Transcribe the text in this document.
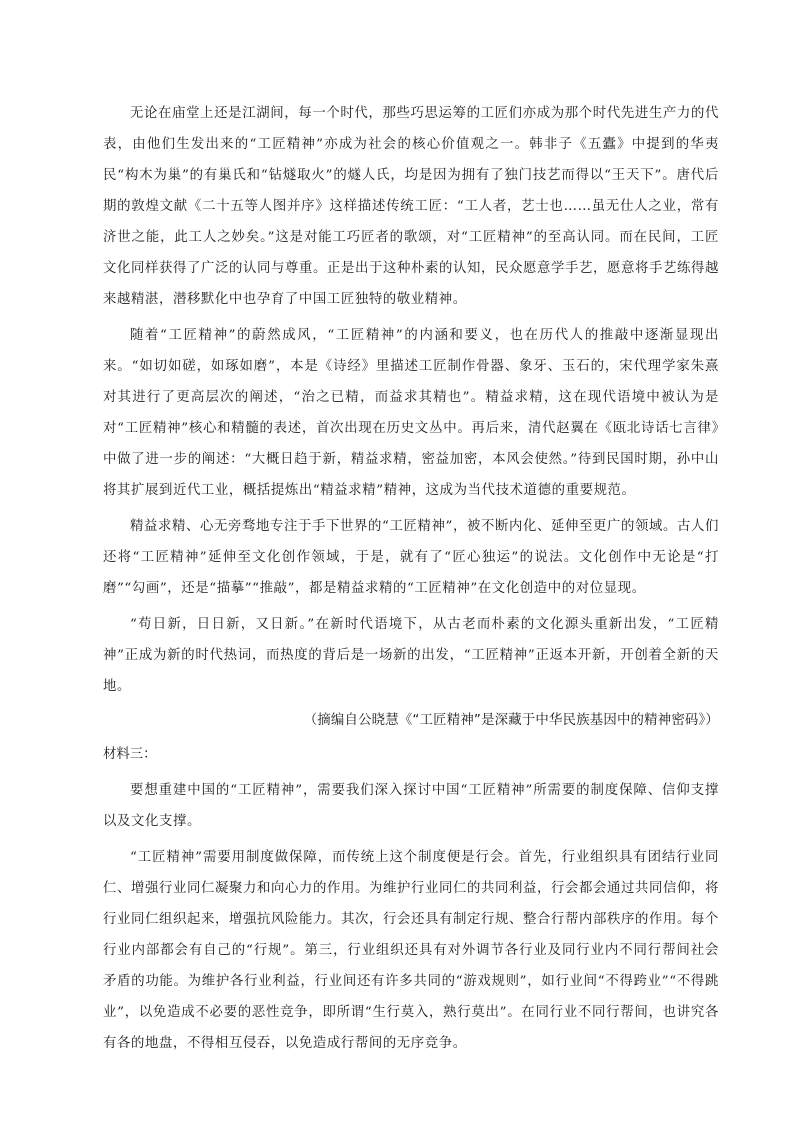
无论在庙堂上还是江湖间，每一个时代，那些巧思运筹的工匠们亦成为那个时代先进生产力的代表，由他们生发出来的“工匠精神”亦成为社会的核心价值观之一。韩非子《五蠹》中提到的华夷民“构木为巢”的有巢氏和“钻燧取火”的燧人氏，均是因为拥有了独门技艺而得以“王天下”。唐代后期的敦煌文献《二十五等人图并序》这样描述传统工匠：“工人者，艺士也……虽无仕人之业，常有济世之能，此工人之妙矣。”这是对能工巧匠者的歌颂，对“工匠精神”的至高认同。而在民间，工匠文化同样获得了广泛的认同与尊重。正是出于这种朴素的认知，民众愿意学手艺，愿意将手艺练得越来越精湛，潜移默化中也孕育了中国工匠独特的敬业精神。

随着“工匠精神”的蔚然成风，“工匠精神”的内涵和要义，也在历代人的推敲中逐渐显现出来。“如切如磋，如琢如磨”，本是《诗经》里描述工匠制作骨器、象牙、玉石的，宋代理学家朱熹对其进行了更高层次的阐述，“治之已精，而益求其精也”。精益求精，这在现代语境中被认为是对“工匠精神”核心和精髓的表述，首次出现在历史文丛中。再后来，清代赵翼在《瓯北诗话七言律》中做了进一步的阐述：“大概日趋于新，精益求精，密益加密，本风会使然。”待到民国时期，孙中山将其扩展到近代工业，概括提炼出“精益求精”精神，这成为当代技术道德的重要规范。

精益求精、心无旁骛地专注于手下世界的“工匠精神”，被不断内化、延伸至更广的领域。古人们还将“工匠精神”延伸至文化创作领域，于是，就有了“匠心独运”的说法。文化创作中无论是“打磨”“勾画”，还是“描摹”“推敲”，都是精益求精的“工匠精神”在文化创造中的对位显现。

“苟日新，日日新，又日新。”在新时代语境下，从古老而朴素的文化源头重新出发，“工匠精神”正成为新的时代热词，而热度的背后是一场新的出发，“工匠精神”正返本开新，开创着全新的天地。

（摘编自公晓慧《“工匠精神”是深藏于中华民族基因中的精神密码》）
材料三：

要想重建中国的“工匠精神”，需要我们深入探讨中国“工匠精神”所需要的制度保障、信仰支撑以及文化支撑。

“工匠精神”需要用制度做保障，而传统上这个制度便是行会。首先，行业组织具有团结行业同仁、增强行业同仁凝聚力和向心力的作用。为维护行业同仁的共同利益，行会都会通过共同信仰，将行业同仁组织起来，增强抗风险能力。其次，行会还具有制定行规、整合行帮内部秩序的作用。每个行业内部都会有自己的“行规”。第三，行业组织还具有对外调节各行业及同行业内不同行帮间社会矛盾的功能。为维护各行业利益，行业间还有许多共同的“游戏规则”，如行业间“不得跨业”“不得跳业”，以免造成不必要的恶性竞争，即所谓“生行莫入，熟行莫出”。在同行业不同行帮间，也讲究各有各的地盘，不得相互侵吞，以免造成行帮间的无序竞争。
